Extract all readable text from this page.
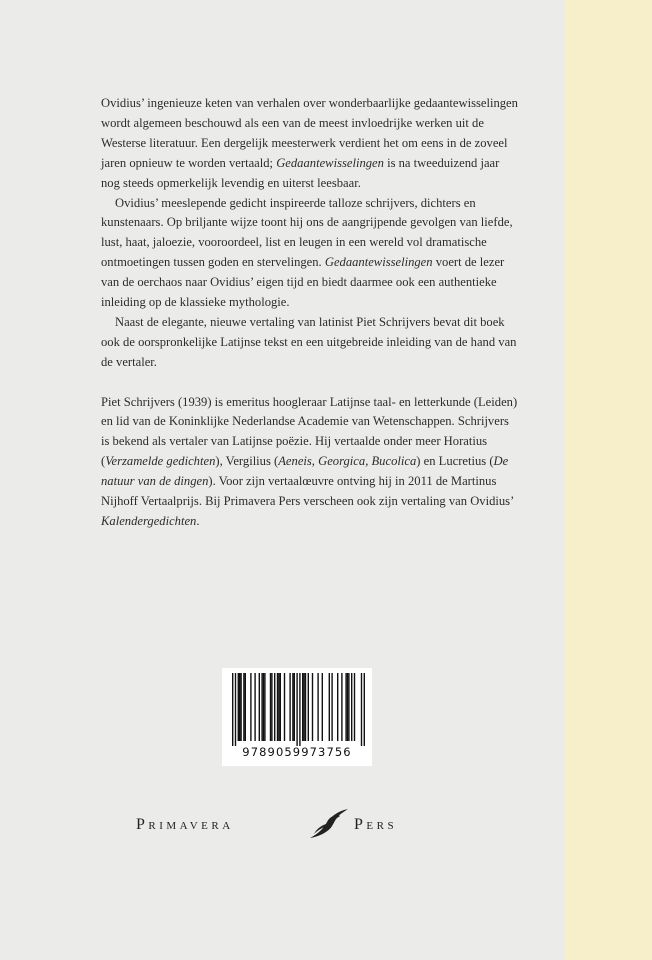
Ovidius’ ingenieuze keten van verhalen over wonderbaarlijke gedaantewisselingen wordt algemeen beschouwd als een van de meest invloedrijke werken uit de Westerse literatuur. Een dergelijk meesterwerk verdient het om eens in de zoveel jaren opnieuw te worden vertaald; Gedaantewisselingen is na tweeduizend jaar nog steeds opmerkelijk levendig en uiterst leesbaar.

Ovidius’ meeslepende gedicht inspireerde talloze schrijvers, dichters en kunstenaars. Op briljante wijze toont hij ons de aangrijpende gevolgen van liefde, lust, haat, jaloezie, vooroordeel, list en leugen in een wereld vol dramatische ontmoetingen tussen goden en stervelingen. Gedaantewisselingen voert de lezer van de oerchaos naar Ovidius’ eigen tijd en biedt daarmee ook een authentieke inleiding op de klassieke mythologie.

Naast de elegante, nieuwe vertaling van latinist Piet Schrijvers bevat dit boek ook de oorspronkelijke Latijnse tekst en een uitgebreide inleiding van de hand van de vertaler.

Piet Schrijvers (1939) is emeritus hoogleraar Latijnse taal- en letterkunde (Leiden) en lid van de Koninklijke Nederlandse Academie van Wetenschappen. Schrijvers is bekend als vertaler van Latijnse poëzie. Hij vertaalde onder meer Horatius (Verzamelde gedichten), Vergilius (Aeneis, Georgica, Bucolica) en Lucretius (De natuur van de dingen). Voor zijn vertaalœuvre ontving hij in 2011 de Martinus Nijhoff Vertaalprijs. Bij Primavera Pers verscheen ook zijn vertaling van Ovidius’ Kalendergedichten.

9789059973756
Primavera	Pers
